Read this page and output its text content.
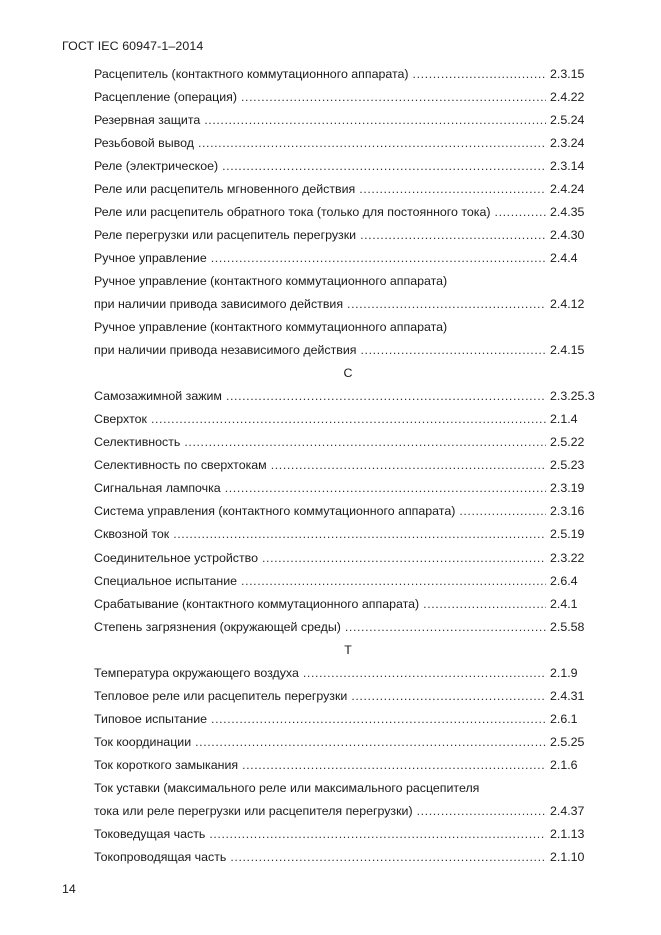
ГОСТ IEC 60947-1–2014
Расцепитель (контактного коммутационного аппарата) .....	2.3.15
Расцепление (операция) .....	2.4.22
Резервная защита .....	2.5.24
Резьбовой вывод .....	2.3.24
Реле (электрическое) .....	2.3.14
Реле или расцепитель мгновенного действия .....	2.4.24
Реле или расцепитель обратного тока (только для постоянного тока) .....	2.4.35
Реле перегрузки или расцепитель перегрузки .....	2.4.30
Ручное управление .....	2.4.4
Ручное управление (контактного коммутационного аппарата)
при наличии привода зависимого действия .....	2.4.12
Ручное управление (контактного коммутационного аппарата)
при наличии привода независимого действия .....	2.4.15
С
Самозажимной зажим .....	2.3.25.3
Сверхток .....	2.1.4
Селективность .....	2.5.22
Селективность по сверхтокам .....	2.5.23
Сигнальная лампочка .....	2.3.19
Система управления (контактного коммутационного аппарата) .....	2.3.16
Сквозной ток .....	2.5.19
Соединительное устройство .....	2.3.22
Специальное испытание .....	2.6.4
Срабатывание (контактного коммутационного аппарата) .....	2.4.1
Степень загрязнения (окружающей среды) .....	2.5.58
Т
Температура окружающего воздуха .....	2.1.9
Тепловое реле или расцепитель перегрузки .....	2.4.31
Типовое испытание .....	2.6.1
Ток координации .....	2.5.25
Ток короткого замыкания .....	2.1.6
Ток уставки (максимального реле или максимального расцепителя
тока или реле перегрузки или расцепителя перегрузки) .....	2.4.37
Токоведущая часть .....	2.1.13
Токопроводящая часть .....	2.1.10
14
